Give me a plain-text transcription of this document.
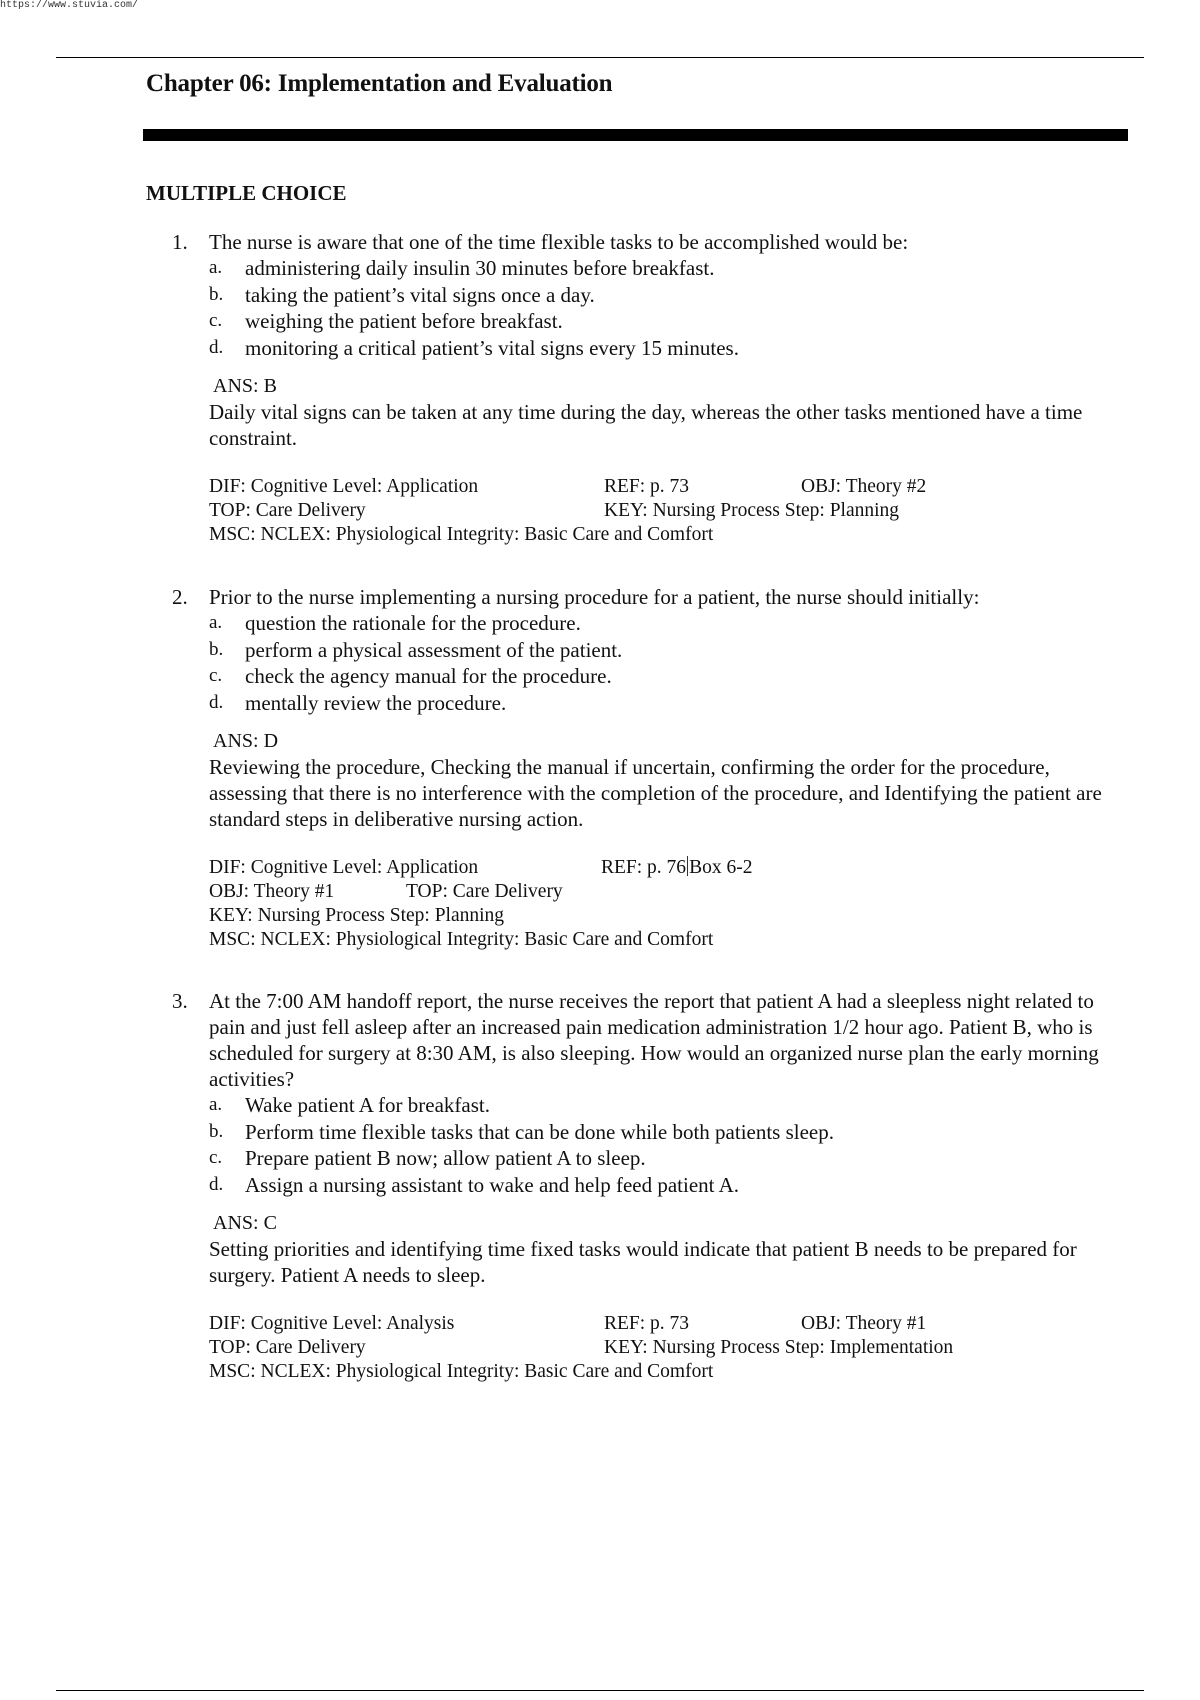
https://www.stuvia.com/
Chapter 06: Implementation and Evaluation
MULTIPLE CHOICE
1.	The nurse is aware that one of the time flexible tasks to be accomplished would be:
a.	administering daily insulin 30 minutes before breakfast.
b.	taking the patient’s vital signs once a day.
c.	weighing the patient before breakfast.
d.	monitoring a critical patient’s vital signs every 15 minutes.
ANS: B
Daily vital signs can be taken at any time during the day, whereas the other tasks mentioned have a time constraint.
DIF: Cognitive Level: Application	REF: p. 73	OBJ: Theory #2
TOP: Care Delivery	KEY: Nursing Process Step: Planning
MSC: NCLEX: Physiological Integrity: Basic Care and Comfort
2.	Prior to the nurse implementing a nursing procedure for a patient, the nurse should initially:
a.	question the rationale for the procedure.
b.	perform a physical assessment of the patient.
c.	check the agency manual for the procedure.
d.	mentally review the procedure.
ANS: D
Reviewing the procedure, Checking the manual if uncertain, confirming the order for the procedure, assessing that there is no interference with the completion of the procedure, and Identifying the patient are standard steps in deliberative nursing action.
DIF: Cognitive Level: Application	REF: p. 76 Box 6-2
OBJ: Theory #1	TOP: Care Delivery
KEY: Nursing Process Step: Planning
MSC: NCLEX: Physiological Integrity: Basic Care and Comfort
3.	At the 7:00 AM handoff report, the nurse receives the report that patient A had a sleepless night related to pain and just fell asleep after an increased pain medication administration 1/2 hour ago. Patient B, who is scheduled for surgery at 8:30 AM, is also sleeping. How would an organized nurse plan the early morning activities?
a.	Wake patient A for breakfast.
b.	Perform time flexible tasks that can be done while both patients sleep.
c.	Prepare patient B now; allow patient A to sleep.
d.	Assign a nursing assistant to wake and help feed patient A.
ANS: C
Setting priorities and identifying time fixed tasks would indicate that patient B needs to be prepared for surgery. Patient A needs to sleep.
DIF: Cognitive Level: Analysis	REF: p. 73	OBJ: Theory #1
TOP: Care Delivery	KEY: Nursing Process Step: Implementation
MSC: NCLEX: Physiological Integrity: Basic Care and Comfort
